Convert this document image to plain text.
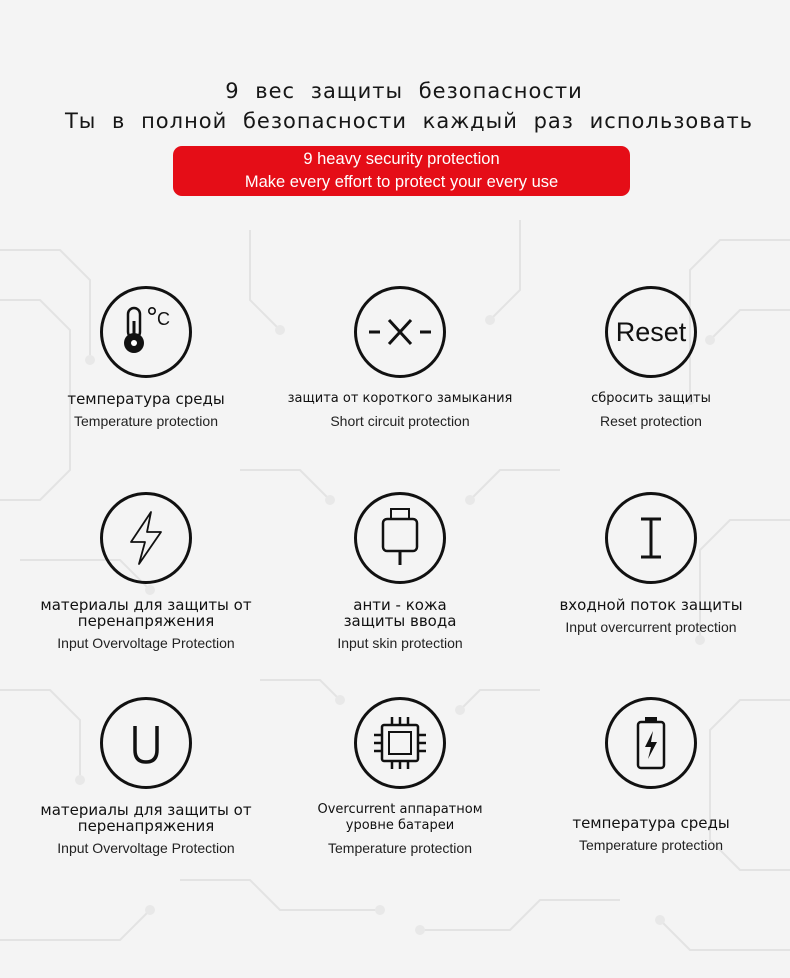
9 вес защиты безопасности
Ты в полной безопасности каждый раз использовать
9 heavy security protection
Make every effort to protect your every use
C
температура среды
Temperature protection
защита от короткого замыкания
Short circuit protection
Reset
сбросить защиты
Reset protection
материалы для защиты от
перенапряжения
Input Overvoltage Protection
анти - кожа
защиты ввода
Input skin protection
входной поток защиты
Input overcurrent protection
материалы для защиты от
перенапряжения
Input Overvoltage Protection
Overcurrent аппаратном
уровне батареи
Temperature protection
температура среды
Temperature protection
